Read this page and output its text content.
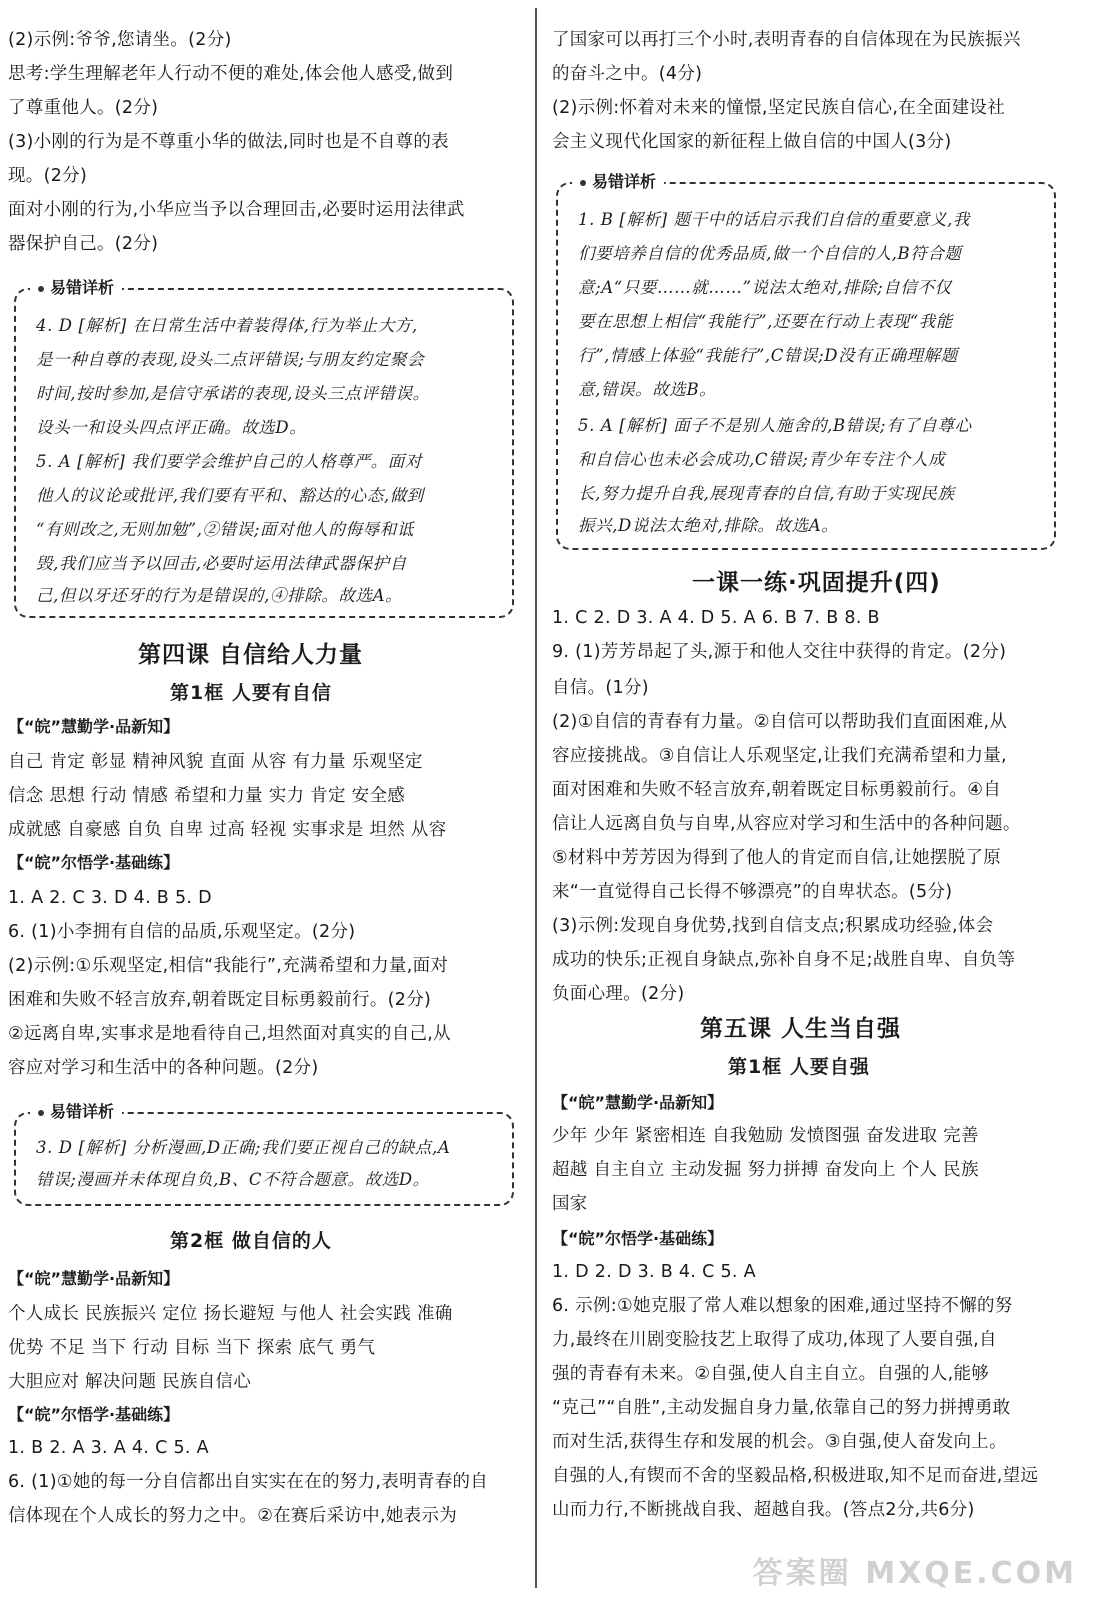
(2)示例:爷爷,您请坐。(2分)
思考:学生理解老年人行动不便的难处,体会他人感受,做到
了尊重他人。(2分)
(3)小刚的行为是不尊重小华的做法,同时也是不自尊的表
现。(2分)
面对小刚的行为,小华应当予以合理回击,必要时运用法律武
器保护自己。(2分)
易错详析
4. D [解析] 在日常生活中着装得体,行为举止大方,
是一种自尊的表现,设头二点评错误;与朋友约定聚会
时间,按时参加,是信守承诺的表现,设头三点评错误。
设头一和设头四点评正确。故选D。
5. A [解析] 我们要学会维护自己的人格尊严。面对
他人的议论或批评,我们要有平和、豁达的心态,做到
“有则改之,无则加勉”,②错误;面对他人的侮辱和诋
毁,我们应当予以回击,必要时运用法律武器保护自
己,但以牙还牙的行为是错误的,④排除。故选A。
第四课 自信给人力量
第1框 人要有自信
【“皖”慧勤学·品新知】
自己 肯定 彰显 精神风貌 直面 从容 有力量 乐观坚定
信念 思想 行动 情感 希望和力量 实力 肯定 安全感
成就感 自豪感 自负 自卑 过高 轻视 实事求是 坦然 从容
【“皖”尔悟学·基础练】
1. A 2. C 3. D 4. B 5. D
6. (1)小李拥有自信的品质,乐观坚定。(2分)
(2)示例:①乐观坚定,相信“我能行”,充满希望和力量,面对
困难和失败不轻言放弃,朝着既定目标勇毅前行。(2分)
②远离自卑,实事求是地看待自己,坦然面对真实的自己,从
容应对学习和生活中的各种问题。(2分)
易错详析
3. D [解析] 分析漫画,D正确;我们要正视自己的缺点,A
错误;漫画并未体现自负,B、C不符合题意。故选D。
第2框 做自信的人
【“皖”慧勤学·品新知】
个人成长 民族振兴 定位 扬长避短 与他人 社会实践 准确
优势 不足 当下 行动 目标 当下 探索 底气 勇气
大胆应对 解决问题 民族自信心
【“皖”尔悟学·基础练】
1. B 2. A 3. A 4. C 5. A
6. (1)①她的每一分自信都出自实实在在的努力,表明青春的自
信体现在个人成长的努力之中。②在赛后采访中,她表示为
了国家可以再打三个小时,表明青春的自信体现在为民族振兴
的奋斗之中。(4分)
(2)示例:怀着对未来的憧憬,坚定民族自信心,在全面建设社
会主义现代化国家的新征程上做自信的中国人(3分)
易错详析
1. B [解析] 题干中的话启示我们自信的重要意义,我
们要培养自信的优秀品质,做一个自信的人,B符合题
意;A“只要……就……”说法太绝对,排除;自信不仅
要在思想上相信“我能行”,还要在行动上表现“我能
行”,情感上体验“我能行”,C错误;D没有正确理解题
意,错误。故选B。
5. A [解析] 面子不是别人施舍的,B错误;有了自尊心
和自信心也未必会成功,C错误;青少年专注个人成
长,努力提升自我,展现青春的自信,有助于实现民族
振兴,D说法太绝对,排除。故选A。
一课一练·巩固提升(四)
1. C 2. D 3. A 4. D 5. A 6. B 7. B 8. B
9. (1)芳芳昂起了头,源于和他人交往中获得的肯定。(2分)
自信。(1分)
(2)①自信的青春有力量。②自信可以帮助我们直面困难,从
容应接挑战。③自信让人乐观坚定,让我们充满希望和力量,
面对困难和失败不轻言放弃,朝着既定目标勇毅前行。④自
信让人远离自负与自卑,从容应对学习和生活中的各种问题。
⑤材料中芳芳因为得到了他人的肯定而自信,让她摆脱了原
来“一直觉得自己长得不够漂亮”的自卑状态。(5分)
(3)示例:发现自身优势,找到自信支点;积累成功经验,体会
成功的快乐;正视自身缺点,弥补自身不足;战胜自卑、自负等
负面心理。(2分)
第五课 人生当自强
第1框 人要自强
【“皖”慧勤学·品新知】
少年 少年 紧密相连 自我勉励 发愤图强 奋发进取 完善
超越 自主自立 主动发掘 努力拼搏 奋发向上 个人 民族
国家
【“皖”尔悟学·基础练】
1. D 2. D 3. B 4. C 5. A
6. 示例:①她克服了常人难以想象的困难,通过坚持不懈的努
力,最终在川剧变脸技艺上取得了成功,体现了人要自强,自
强的青春有未来。②自强,使人自主自立。自强的人,能够
“克己”“自胜”,主动发掘自身力量,依靠自己的努力拼搏勇敢
而对生活,获得生存和发展的机会。③自强,使人奋发向上。
自强的人,有锲而不舍的坚毅品格,积极进取,知不足而奋进,望远
山而力行,不断挑战自我、超越自我。(答点2分,共6分)
答案圈 MXQE.COM
